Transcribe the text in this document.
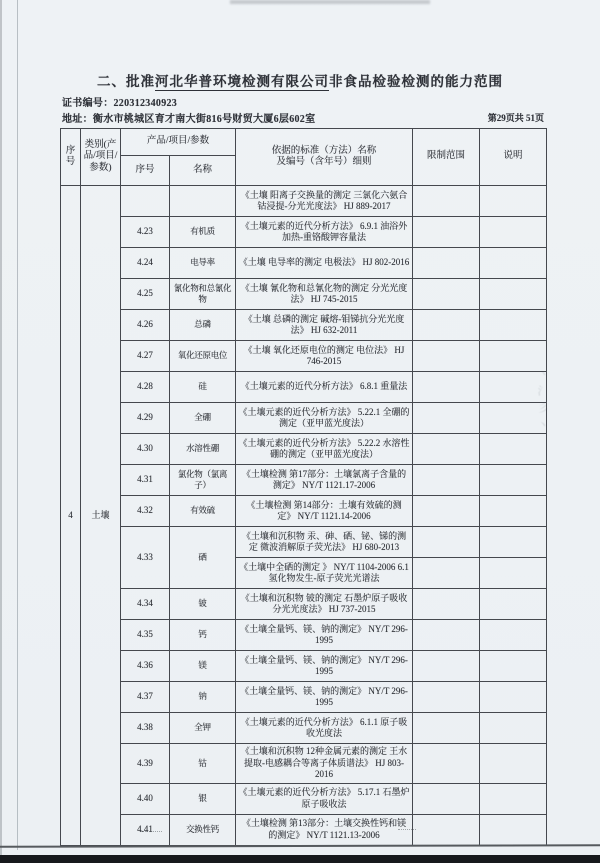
二、批准河北华普环境检测有限公司非食品检验检测的能力范围
证书编号：220312340923
地址：衡水市桃城区育才南大街816号财贸大厦6层602室	第29页共 51页
序号	类别(产品/项目/参数)	产品/项目/参数		依据的标准（方法）名称
及编号（含年号）细则	限制范围	说明
		序号	名称			
4	土壤			《土壤 阳离子交换量的测定 三氯化六氨合钴浸提-分光光度法》 HJ 889-2017		
		4.23	有机质	《土壤元素的近代分析方法》 6.9.1 油浴外加热-重铬酸钾容量法		
		4.24	电导率	《土壤 电导率的测定 电极法》 HJ 802-2016		
		4.25	氰化物和总氰化物	《土壤 氰化物和总氰化物的测定 分光光度法》 HJ 745-2015		
		4.26	总磷	《土壤 总磷的测定 碱熔-钼锑抗分光光度法》 HJ 632-2011		
		4.27	氧化还原电位	《土壤 氧化还原电位的测定 电位法》 HJ 746-2015		
		4.28	硅	《土壤元素的近代分析方法》 6.8.1 重量法		
		4.29	全硼	《土壤元素的近代分析方法》 5.22.1 全硼的测定（亚甲蓝光度法）		
		4.30	水溶性硼	《土壤元素的近代分析方法》 5.22.2 水溶性硼的测定（亚甲蓝光度法）		
		4.31	氯化物（氯离子）	《土壤检测 第17部分：土壤氯离子含量的测定》 NY/T 1121.17-2006		
		4.32	有效硫	《土壤检测 第14部分：土壤有效硫的测定》 NY/T 1121.14-2006		
		4.33	硒	《土壤和沉积物 汞、砷、硒、铋、锑的测定 微波消解原子荧光法》 HJ 680-2013		
				《土壤中全硒的测定 》 NY/T 1104-2006 6.1 氢化物发生-原子荧光光谱法		
		4.34	铍	《土壤和沉积物 铍的测定 石墨炉原子吸收分光光度法》 HJ 737-2015		
		4.35	钙	《土壤全量钙、镁、钠的测定》 NY/T 296-1995		
		4.36	镁	《土壤全量钙、镁、钠的测定》 NY/T 296-1995		
		4.37	钠	《土壤全量钙、镁、钠的测定》 NY/T 296-1995		
		4.38	全钾	《土壤元素的近代分析方法》 6.1.1 原子吸收光度法		
		4.39	钴	《土壤和沉积物 12种金属元素的测定 王水提取-电感耦合等离子体质谱法》 HJ 803-2016		
		4.40	银	《土壤元素的近代分析方法》 5.17.1 石墨炉原子吸收法		
		4.41	交换性钙	《土壤检测 第13部分：土壤交换性钙和镁的测定》 NY/T 1121.13-2006		
丶氵彡丶
